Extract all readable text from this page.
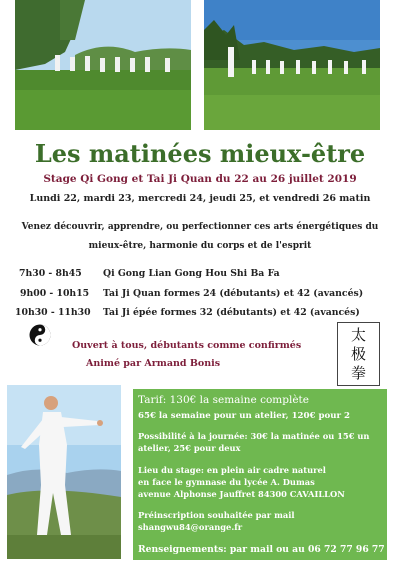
Les matinées mieux-être
Stage Qi Gong et Tai Ji Quan du 22 au 26 juillet 2019
Lundi 22, mardi 23, mercredi 24, jeudi 25, et vendredi 26 matin
Venez découvrir, apprendre, ou perfectionner ces arts énergétiques du mieux-être, harmonie du corps et de l'esprit
7h30 - 8h45 Qi Gong Lian Gong Hou Shi Ba Fa
9h00 - 10h15 Tai Ji Quan formes 24 (débutants) et 42 (avancés)
10h30 - 11h30 Tai Ji épée formes 32 (débutants) et 42 (avancés)
Ouvert à tous, débutants comme confirmés
Animé par Armand Bonis
太
极
拳
Tarif: 130€ la semaine complète
65€ la semaine pour un atelier, 120€ pour 2
Possibilité à la journée: 30€ la matinée ou 15€ un
atelier, 25€ pour deux
Lieu du stage: en plein air cadre naturel
en face le gymnase du lycée A. Dumas
avenue Alphonse Jauffret 84300 CAVAILLON
Préinscription souhaitée par mail
shangwu84@orange.fr
Renseignements: par mail ou au 06 72 77 96 77
